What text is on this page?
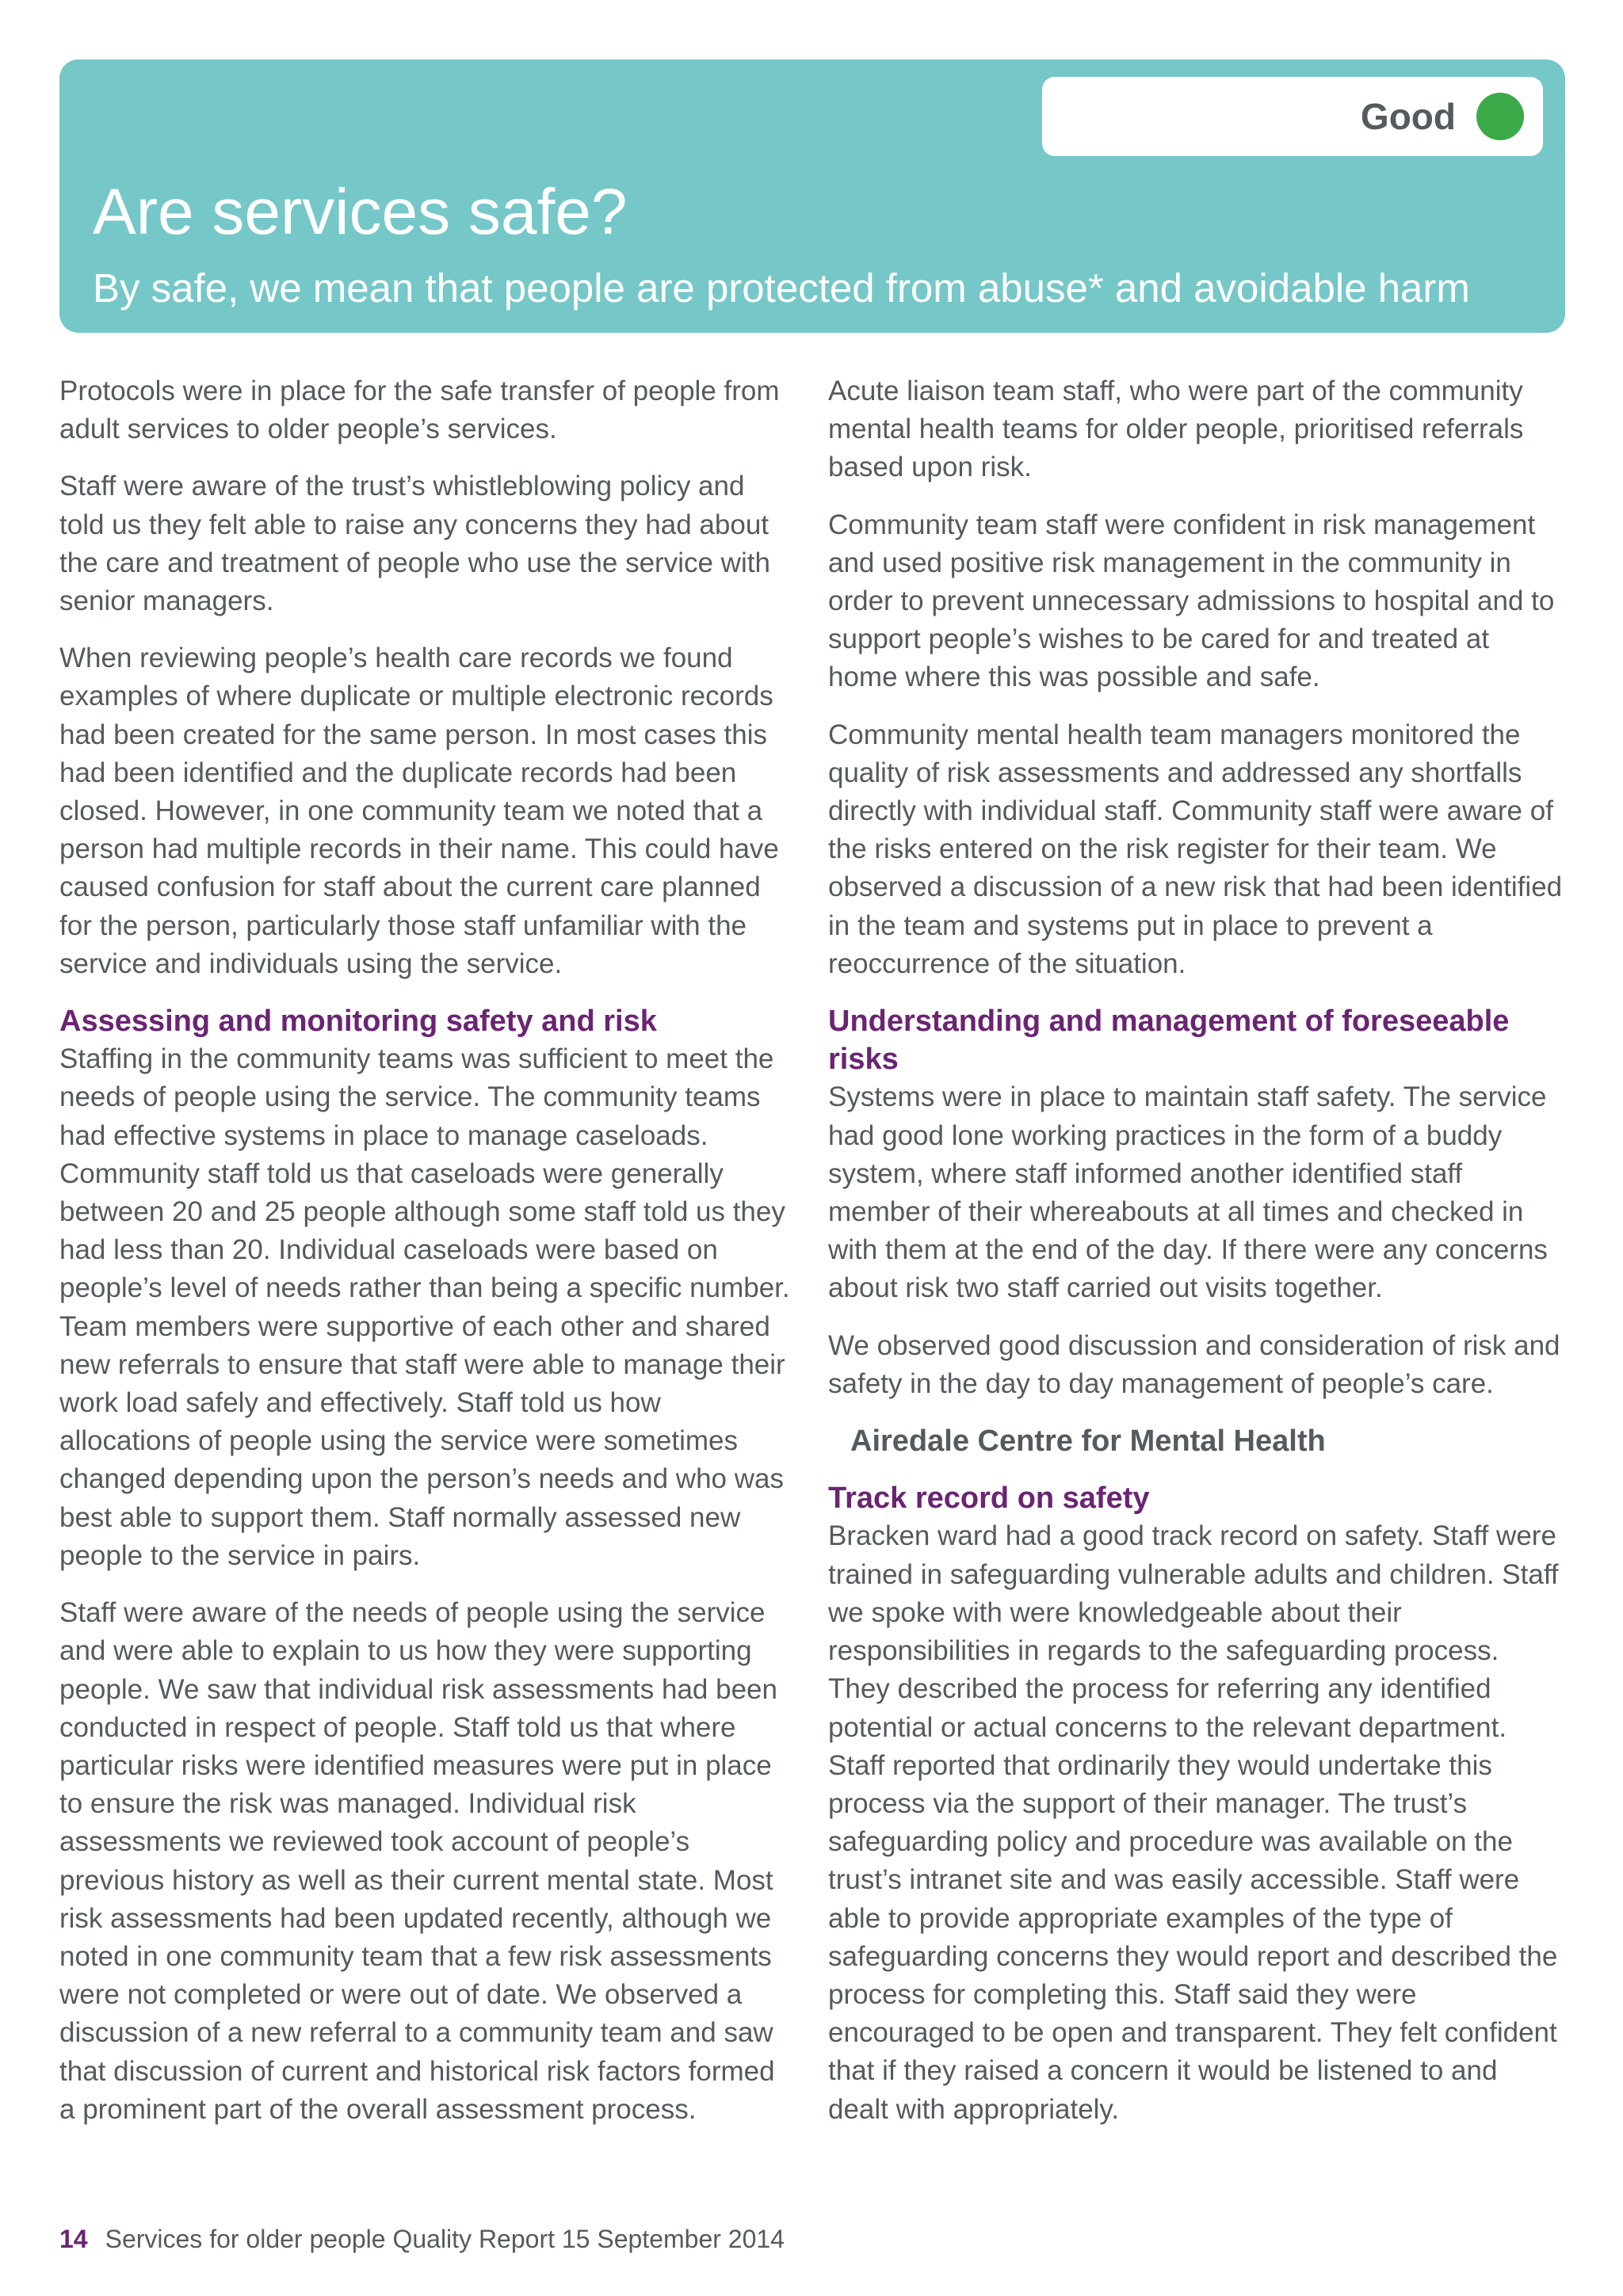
Good
Are services safe?

By safe, we mean that people are protected from abuse* and avoidable harm

Protocols were in place for the safe transfer of people from adult services to older people’s services.

Staff were aware of the trust’s whistleblowing policy and told us they felt able to raise any concerns they had about the care and treatment of people who use the service with senior managers.

When reviewing people’s health care records we found examples of where duplicate or multiple electronic records had been created for the same person. In most cases this had been identified and the duplicate records had been closed. However, in one community team we noted that a person had multiple records in their name. This could have caused confusion for staff about the current care planned for the person, particularly those staff unfamiliar with the service and individuals using the service.

Assessing and monitoring safety and risk

Staffing in the community teams was sufficient to meet the needs of people using the service. The community teams had effective systems in place to manage caseloads. Community staff told us that caseloads were generally between 20 and 25 people although some staff told us they had less than 20. Individual caseloads were based on people’s level of needs rather than being a specific number. Team members were supportive of each other and shared new referrals to ensure that staff were able to manage their work load safely and effectively. Staff told us how allocations of people using the service were sometimes changed depending upon the person’s needs and who was best able to support them. Staff normally assessed new people to the service in pairs.

Staff were aware of the needs of people using the service and were able to explain to us how they were supporting people. We saw that individual risk assessments had been conducted in respect of people. Staff told us that where particular risks were identified measures were put in place to ensure the risk was managed. Individual risk assessments we reviewed took account of people’s previous history as well as their current mental state. Most risk assessments had been updated recently, although we noted in one community team that a few risk assessments were not completed or were out of date. We observed a discussion of a new referral to a community team and saw that discussion of current and historical risk factors formed a prominent part of the overall assessment process.

Acute liaison team staff, who were part of the community mental health teams for older people, prioritised referrals based upon risk.

Community team staff were confident in risk management and used positive risk management in the community in order to prevent unnecessary admissions to hospital and to support people’s wishes to be cared for and treated at home where this was possible and safe.

Community mental health team managers monitored the quality of risk assessments and addressed any shortfalls directly with individual staff. Community staff were aware of the risks entered on the risk register for their team. We observed a discussion of a new risk that had been identified in the team and systems put in place to prevent a reoccurrence of the situation.

Understanding and management of foreseeable risks

Systems were in place to maintain staff safety. The service had good lone working practices in the form of a buddy system, where staff informed another identified staff member of their whereabouts at all times and checked in with them at the end of the day. If there were any concerns about risk two staff carried out visits together.

We observed good discussion and consideration of risk and safety in the day to day management of people’s care.

Airedale Centre for Mental Health
Track record on safety

Bracken ward had a good track record on safety. Staff were trained in safeguarding vulnerable adults and children. Staff we spoke with were knowledgeable about their responsibilities in regards to the safeguarding process. They described the process for referring any identified potential or actual concerns to the relevant department. Staff reported that ordinarily they would undertake this process via the support of their manager. The trust’s safeguarding policy and procedure was available on the trust’s intranet site and was easily accessible. Staff were able to provide appropriate examples of the type of safeguarding concerns they would report and described the process for completing this. Staff said they were encouraged to be open and transparent. They felt confident that if they raised a concern it would be listened to and dealt with appropriately.

14 Services for older people Quality Report 15 September 2014
